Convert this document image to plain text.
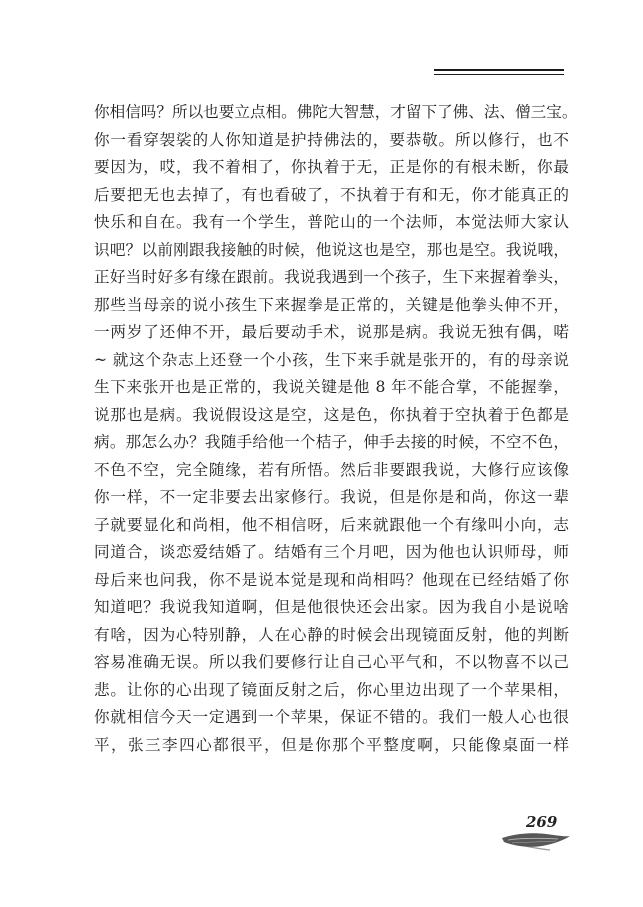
你相信吗？所以也要立点相。佛陀大智慧，才留下了佛、法、僧三宝。
你一看穿袈裟的人你知道是护持佛法的，要恭敬。所以修行，也不
要因为，哎，我不着相了，你执着于无，正是你的有根未断，你最
后要把无也去掉了，有也看破了，不执着于有和无，你才能真正的
快乐和自在。我有一个学生，普陀山的一个法师，本觉法师大家认
识吧？以前刚跟我接触的时候，他说这也是空，那也是空。我说哦，
正好当时好多有缘在跟前。我说我遇到一个孩子，生下来握着拳头，
那些当母亲的说小孩生下来握拳是正常的，关键是他拳头伸不开，
一两岁了还伸不开，最后要动手术，说那是病。我说无独有偶，喏
~ 就这个杂志上还登一个小孩，生下来手就是张开的，有的母亲说
生下来张开也是正常的，我说关键是他 8 年不能合掌，不能握拳，
说那也是病。我说假设这是空，这是色，你执着于空执着于色都是
病。那怎么办？我随手给他一个桔子，伸手去接的时候，不空不色，
不色不空，完全随缘，若有所悟。然后非要跟我说，大修行应该像
你一样，不一定非要去出家修行。我说，但是你是和尚，你这一辈
子就要显化和尚相，他不相信呀，后来就跟他一个有缘叫小向，志
同道合，谈恋爱结婚了。结婚有三个月吧，因为他也认识师母，师
母后来也问我，你不是说本觉是现和尚相吗？他现在已经结婚了你
知道吧？我说我知道啊，但是他很快还会出家。因为我自小是说啥
有啥，因为心特别静，人在心静的时候会出现镜面反射，他的判断
容易准确无误。所以我们要修行让自己心平气和，不以物喜不以己
悲。让你的心出现了镜面反射之后，你心里边出现了一个苹果相，
你就相信今天一定遇到一个苹果，保证不错的。我们一般人心也很
平，张三李四心都很平，但是你那个平整度啊，只能像桌面一样
269
